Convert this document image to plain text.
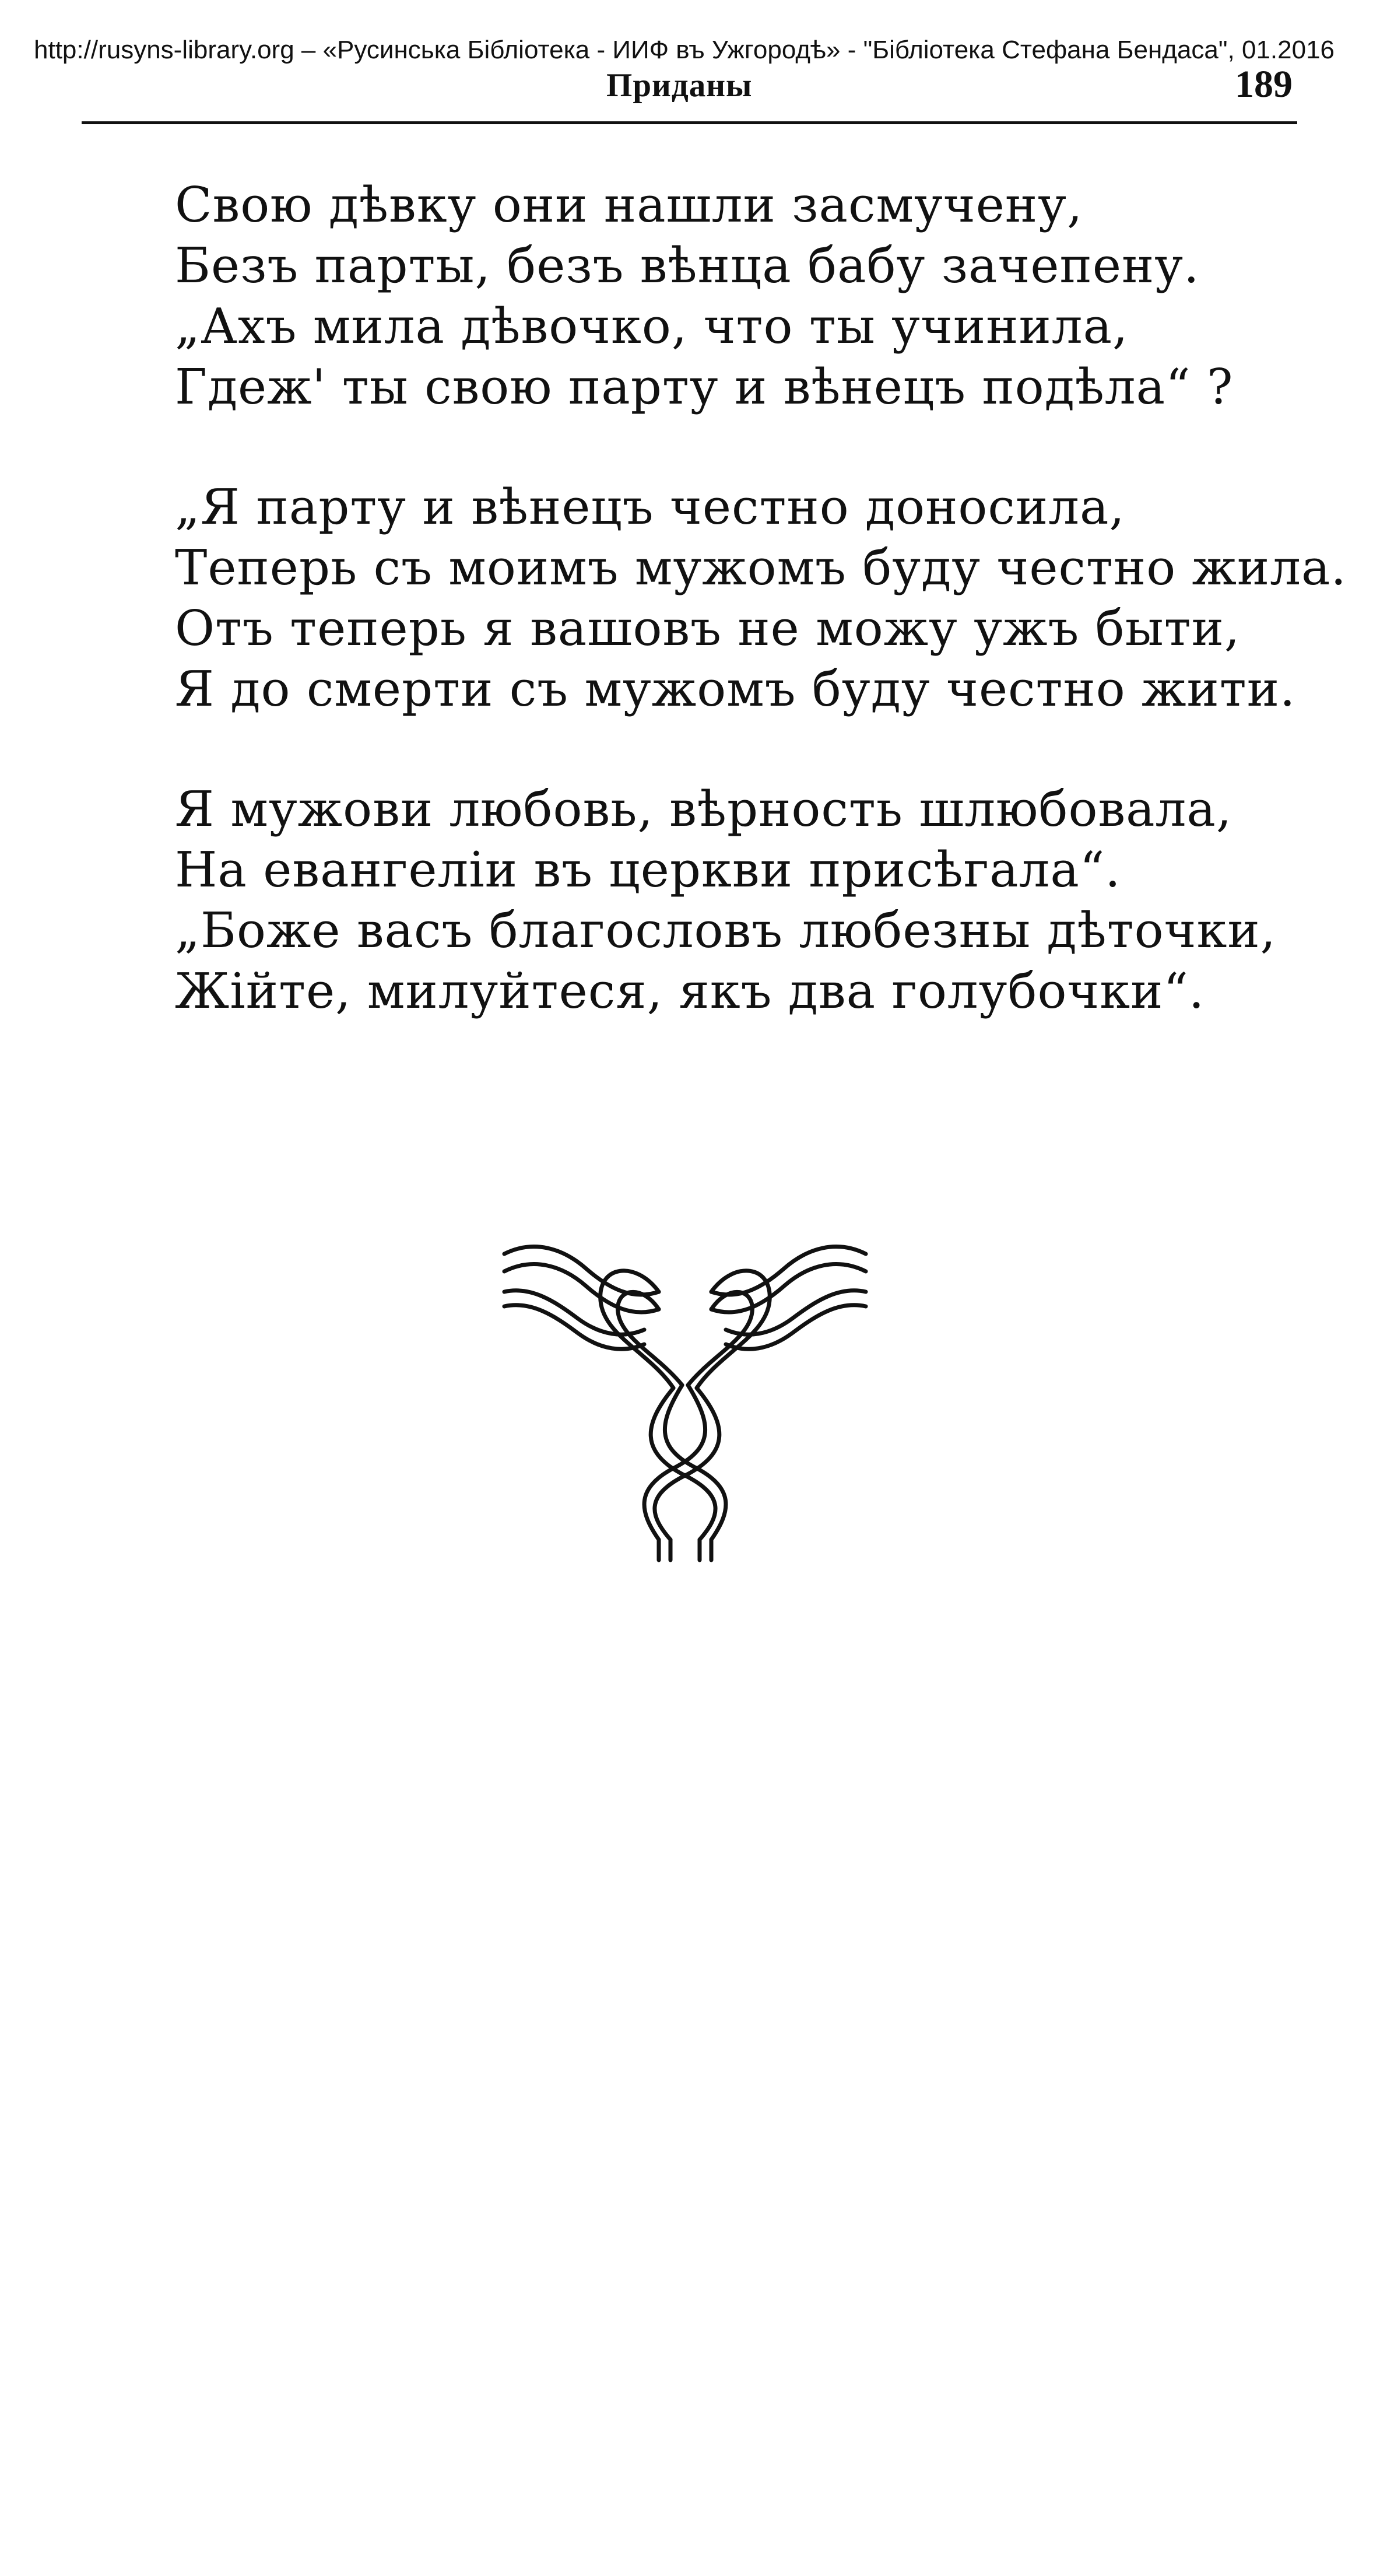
http://rusyns-library.org – «Русинська Бібліотека - ИИФ въ Ужгородѣ» - "Бібліотека Стефана Бендаса", 01.2016
Приданы	189
Свою дѣвку они нашли засмучену,
Безъ парты, безъ вѣнца бабу зачепену.
„Ахъ мила дѣвочко, что ты учинила,
Гдеж' ты свою парту и вѣнецъ подѣла“ ?
„Я парту и вѣнецъ честно доносила,
Теперь съ моимъ мужомъ буду честно жила.
Отъ теперь я вашовъ не можу ужъ быти,
Я до смерти съ мужомъ буду честно жити.
Я мужови любовь, вѣрность шлюбовала,
На евангеліи въ церкви присѣгала“.
„Боже васъ благословъ любезны дѣточки,
Жійте, милуйтеся, якъ два голубочки“.
